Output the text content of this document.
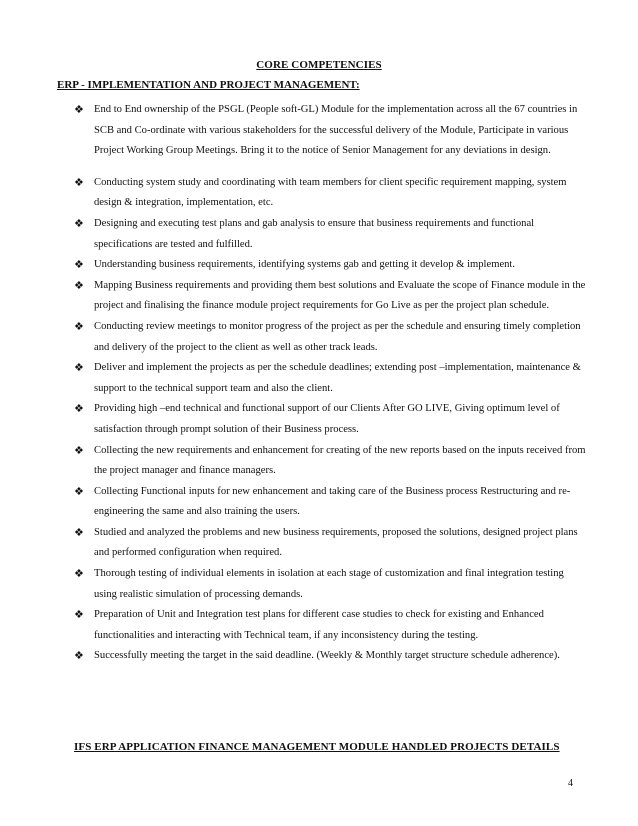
CORE COMPETENCIES
ERP - IMPLEMENTATION AND PROJECT MANAGEMENT:
❖ End to End ownership of the PSGL (People soft-GL) Module for the implementation across all the 67 countries in SCB and Co-ordinate with various stakeholders for the successful delivery of the Module, Participate in various Project Working Group Meetings. Bring it to the notice of Senior Management for any deviations in design.
❖ Conducting system study and coordinating with team members for client specific requirement mapping, system design & integration, implementation, etc.
❖ Designing and executing test plans and gab analysis to ensure that business requirements and functional specifications are tested and fulfilled.
❖ Understanding business requirements, identifying systems gab and getting it develop & implement.
❖ Mapping Business requirements and providing them best solutions and Evaluate the scope of Finance module in the project and finalising the finance module project requirements for Go Live as per the project plan schedule.
❖ Conducting review meetings to monitor progress of the project as per the schedule and ensuring timely completion and delivery of the project to the client as well as other track leads.
❖ Deliver and implement the projects as per the schedule deadlines; extending post –implementation, maintenance & support to the technical support team and also the client.
❖ Providing high –end technical and functional support of our Clients After GO LIVE, Giving optimum level of satisfaction through prompt solution of their Business process.
❖ Collecting the new requirements and enhancement for creating of the new reports based on the inputs received from the project manager and finance managers.
❖ Collecting Functional inputs for new enhancement and taking care of the Business process Restructuring and re-engineering the same and also training the users.
❖ Studied and analyzed the problems and new business requirements, proposed the solutions, designed project plans and performed configuration when required.
❖ Thorough testing of individual elements in isolation at each stage of customization and final integration testing using realistic simulation of processing demands.
❖ Preparation of Unit and Integration test plans for different case studies to check for existing and Enhanced functionalities and interacting with Technical team, if any inconsistency during the testing.
❖ Successfully meeting the target in the said deadline. (Weekly & Monthly target structure schedule adherence).
IFS ERP APPLICATION FINANCE MANAGEMENT MODULE HANDLED PROJECTS DETAILS
4
